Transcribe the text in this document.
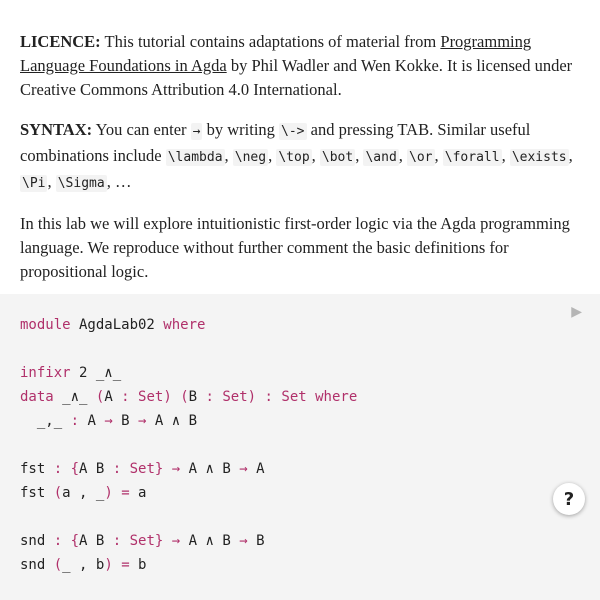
LICENCE: This tutorial contains adaptations of material from Programming Language Foundations in Agda by Phil Wadler and Wen Kokke. It is licensed under Creative Commons Attribution 4.0 International.

SYNTAX: You can enter → by writing \-> and pressing TAB. Similar useful combinations include \lambda , \neg , \top , \bot , \and , \or , \forall , \exists , \Pi , \Sigma , …

In this lab we will explore intuitionistic first-order logic via the Agda programming language. We reproduce without further comment the basic definitions for propositional logic.

module AgdaLab02 where
infixr 2 _∧_
data _∧_ (A : Set) (B : Set) : Set where
_,_ : A → B → A ∧ B
fst : {A B : Set} → A ∧ B → A
fst (a , _) = a
snd : {A B : Set} → A ∧ B → B
snd (_ , b) = b
▶
?
